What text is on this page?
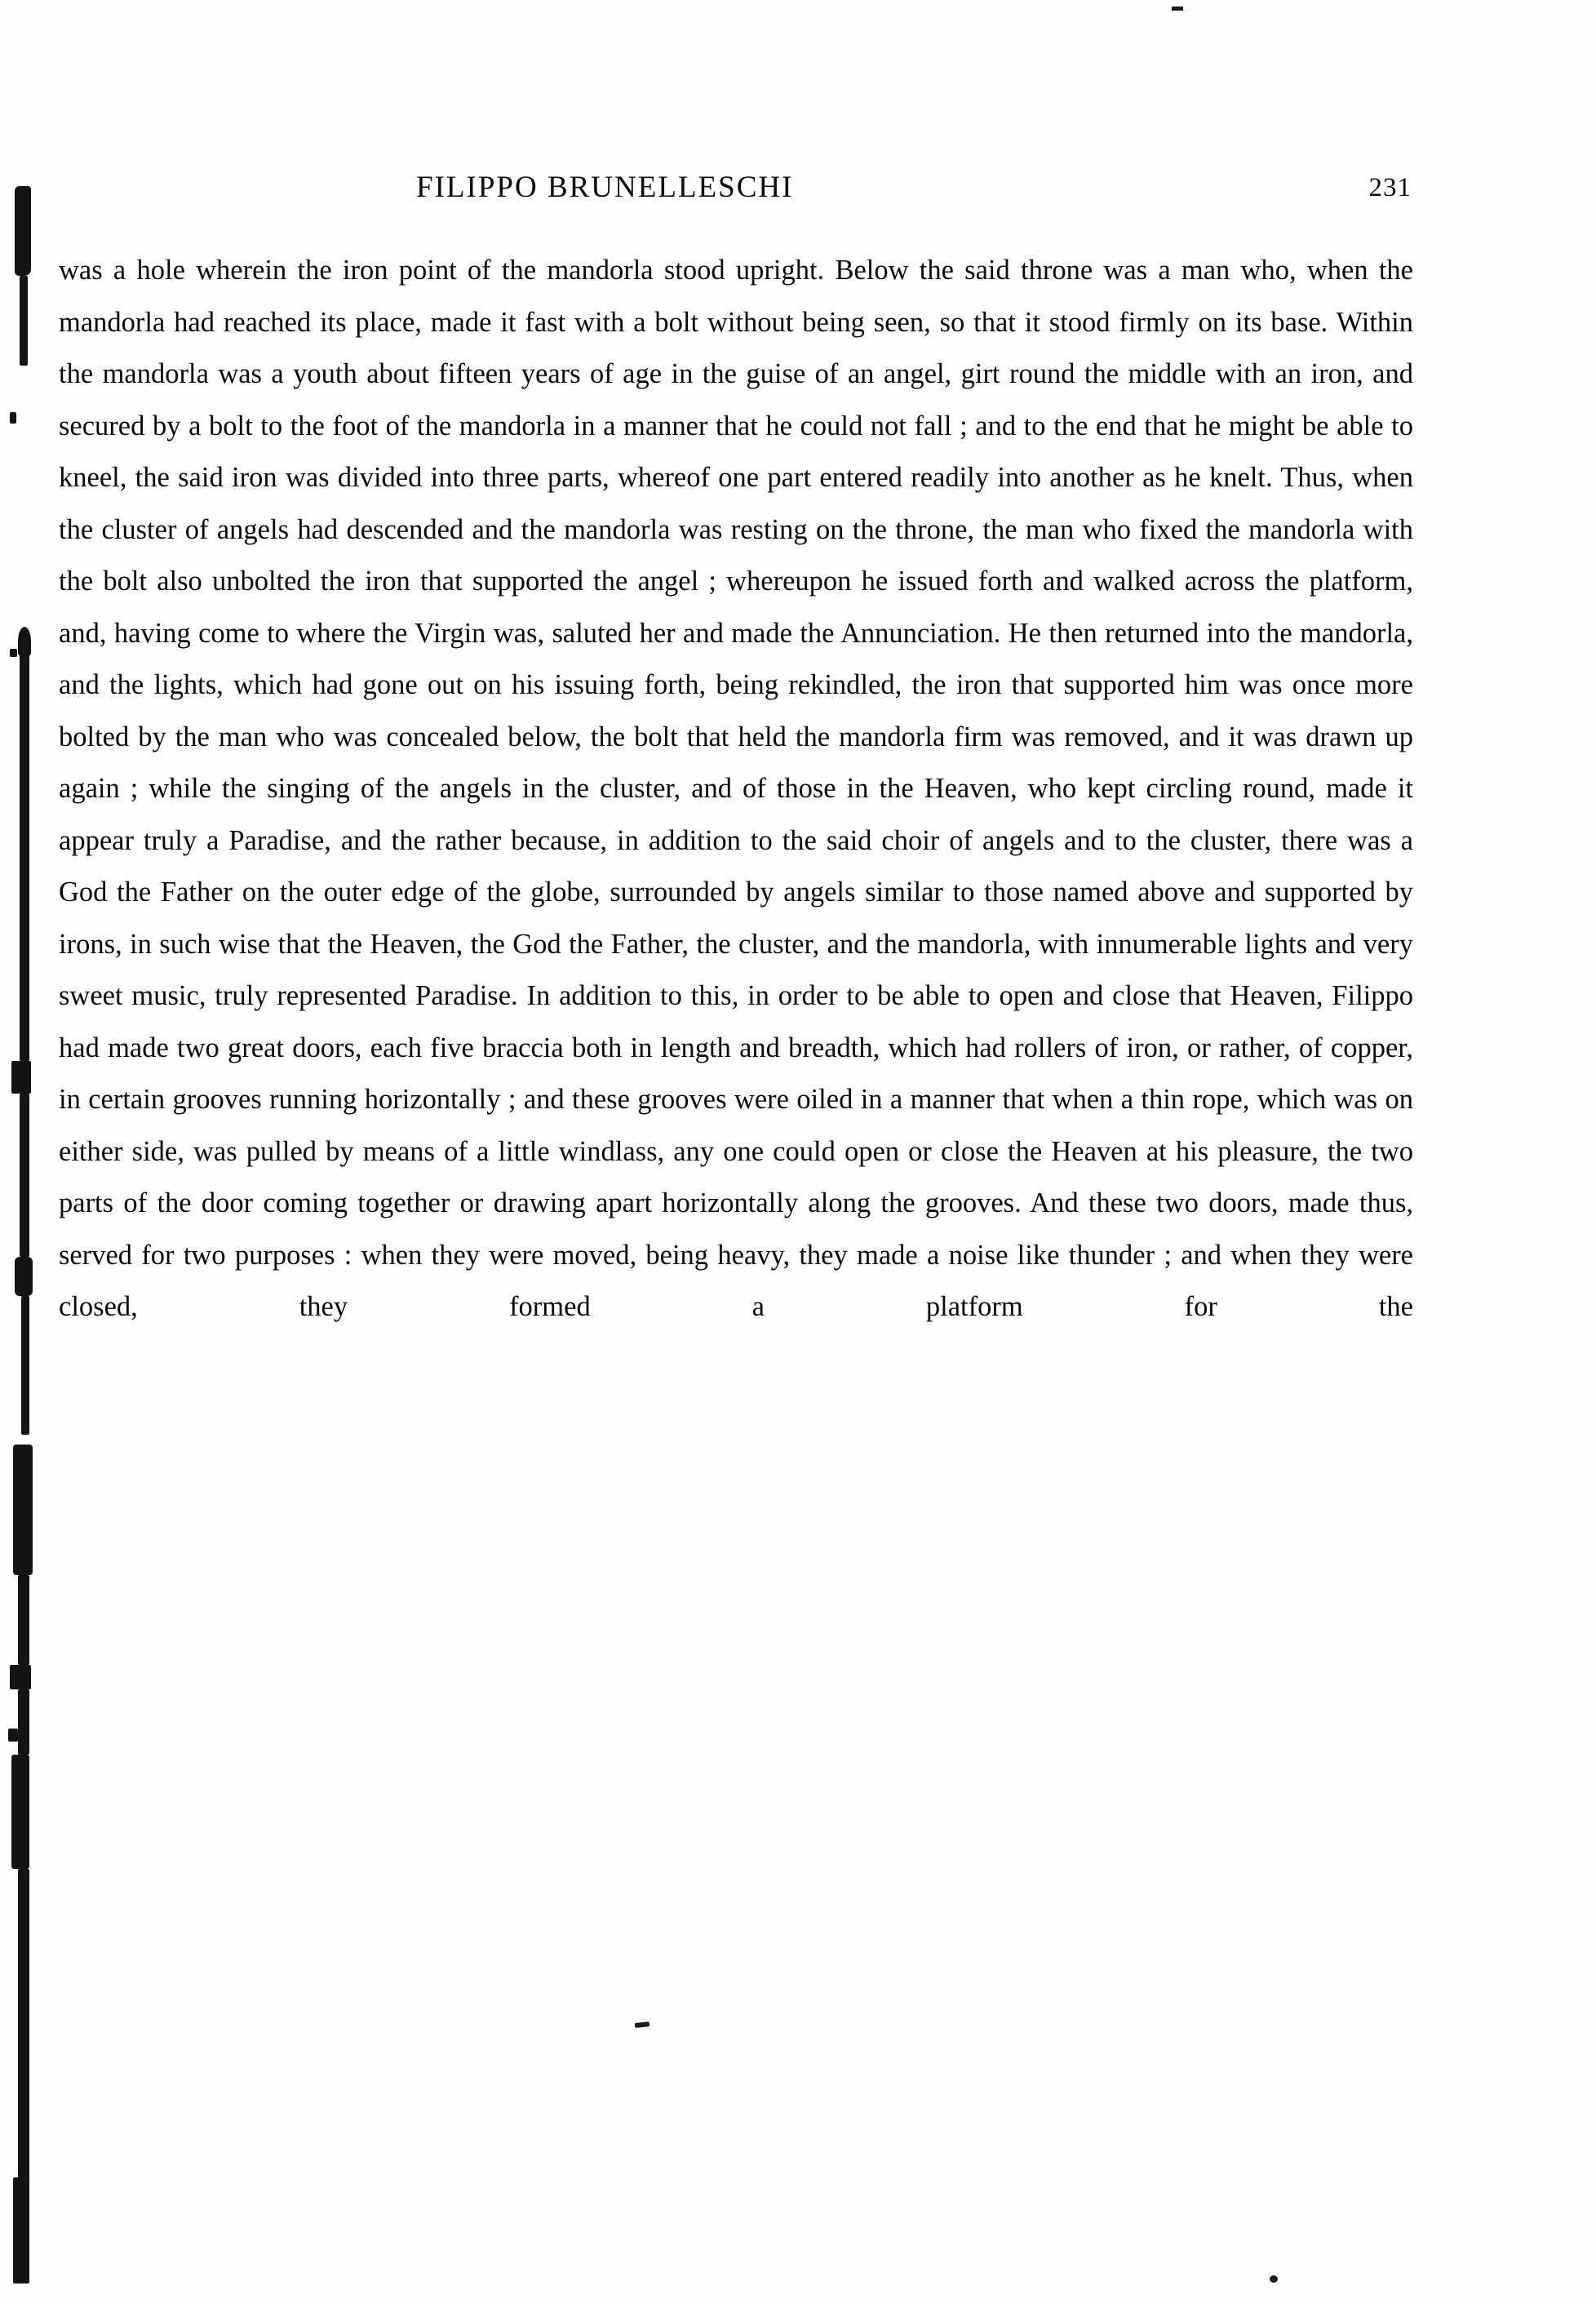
FILIPPO BRUNELLESCHI	231

was a hole wherein the iron point of the mandorla stood upright. Below the said throne was a man who, when the mandorla had reached its place, made it fast with a bolt without being seen, so that it stood firmly on its base. Within the mandorla was a youth about fifteen years of age in the guise of an angel, girt round the middle with an iron, and secured by a bolt to the foot of the mandorla in a manner that he could not fall ; and to the end that he might be able to kneel, the said iron was divided into three parts, whereof one part entered readily into another as he knelt. Thus, when the cluster of angels had descended and the mandorla was resting on the throne, the man who fixed the mandorla with the bolt also unbolted the iron that supported the angel ; whereupon he issued forth and walked across the platform, and, having come to where the Virgin was, saluted her and made the Annunciation. He then returned into the mandorla, and the lights, which had gone out on his issuing forth, being rekindled, the iron that supported him was once more bolted by the man who was concealed below, the bolt that held the mandorla firm was removed, and it was drawn up again ; while the singing of the angels in the cluster, and of those in the Heaven, who kept circling round, made it appear truly a Paradise, and the rather because, in addition to the said choir of angels and to the cluster, there was a God the Father on the outer edge of the globe, surrounded by angels similar to those named above and supported by irons, in such wise that the Heaven, the God the Father, the cluster, and the mandorla, with innumerable lights and very sweet music, truly represented Paradise. In addition to this, in order to be able to open and close that Heaven, Filippo had made two great doors, each five braccia both in length and breadth, which had rollers of iron, or rather, of copper, in certain grooves running horizontally ; and these grooves were oiled in a manner that when a thin rope, which was on either side, was pulled by means of a little windlass, any one could open or close the Heaven at his pleasure, the two parts of the door coming together or drawing apart horizontally along the grooves. And these two doors, made thus, served for two purposes : when they were moved, being heavy, they made a noise like thunder ; and when they were closed, they formed a platform for the
